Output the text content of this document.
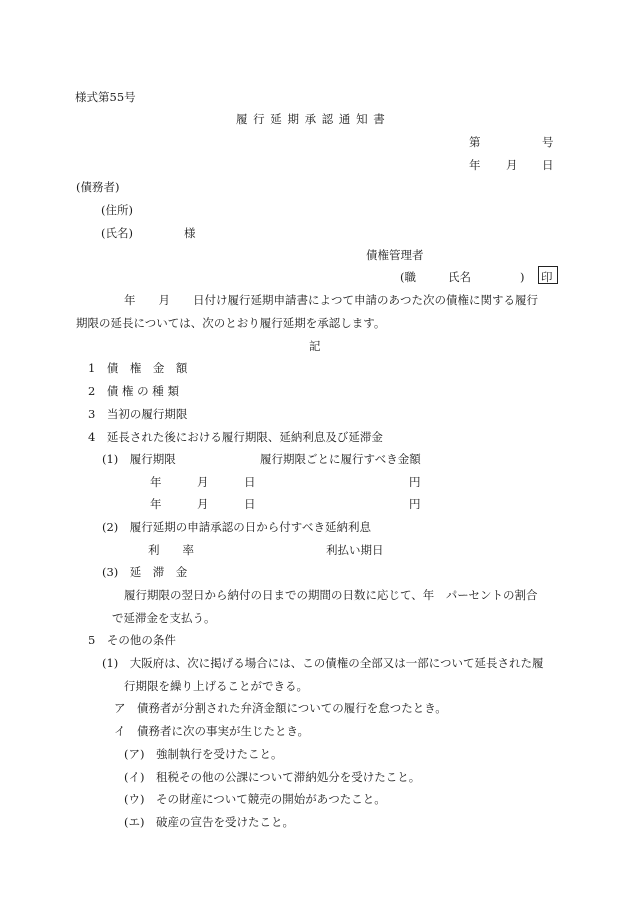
様式第55号
履 行 延 期 承 認 通 知 書
第	号
年 月 日
(債務者)
(住所)
(氏名)	様
債権管理者
(職	氏名	) 印
年　　月　　日付け履行延期申請書によつて申請のあつた次の債権に関する履行
期限の延長については、次のとおり履行延期を承認します。
記
1　債　権　金　額
2　債 権 の 種 類
3　当初の履行期限
4　延長された後における履行期限、延納利息及び延滞金
(1)　履行期限	履行期限ごとに履行すべき金額
年	月	日	円
年	月	日	円
(2)　履行延期の申請承認の日から付すべき延納利息
利　　率	利払い期日
(3)　延　滞　金
履行期限の翌日から納付の日までの期間の日数に応じて、年　パーセントの割合
で延滞金を支払う。
5　その他の条件
(1)　大阪府は、次に掲げる場合には、この債権の全部又は一部について延長された履
行期限を繰り上げることができる。
ア　債務者が分割された弁済金額についての履行を怠つたとき。
イ　債務者に次の事実が生じたとき。
(ア)　強制執行を受けたこと。
(イ)　租税その他の公課について滞納処分を受けたこと。
(ウ)　その財産について競売の開始があつたこと。
(エ)　破産の宣告を受けたこと。
